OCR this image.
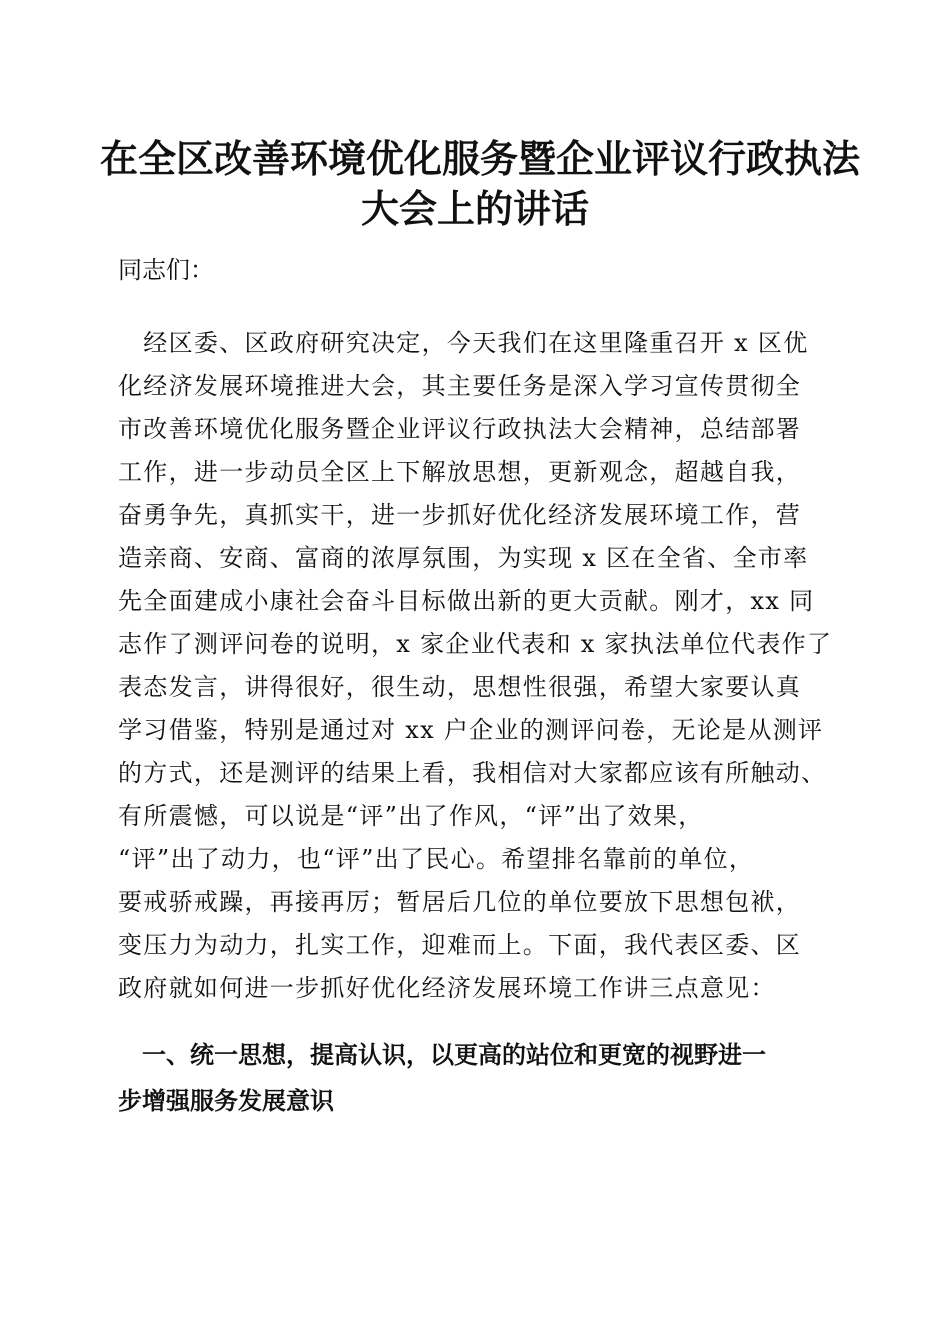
在全区改善环境优化服务暨企业评议行政执法
大会上的讲话
同志们：
　经区委、区政府研究决定，今天我们在这里隆重召开 x 区优
化经济发展环境推进大会，其主要任务是深入学习宣传贯彻全
市改善环境优化服务暨企业评议行政执法大会精神，总结部署
工作，进一步动员全区上下解放思想，更新观念，超越自我，
奋勇争先，真抓实干，进一步抓好优化经济发展环境工作，营
造亲商、安商、富商的浓厚氛围，为实现 x 区在全省、全市率
先全面建成小康社会奋斗目标做出新的更大贡献。刚才，xx 同
志作了测评问卷的说明，x 家企业代表和 x 家执法单位代表作了
表态发言，讲得很好，很生动，思想性很强，希望大家要认真
学习借鉴，特别是通过对 xx 户企业的测评问卷，无论是从测评
的方式，还是测评的结果上看，我相信对大家都应该有所触动、
有所震憾，可以说是“评”出了作风，“评”出了效果，
“评”出了动力，也“评”出了民心。希望排名靠前的单位，
要戒骄戒躁，再接再厉；暂居后几位的单位要放下思想包袱，
变压力为动力，扎实工作，迎难而上。下面，我代表区委、区
政府就如何进一步抓好优化经济发展环境工作讲三点意见：
　一、统一思想，提高认识，以更高的站位和更宽的视野进一
步增强服务发展意识
